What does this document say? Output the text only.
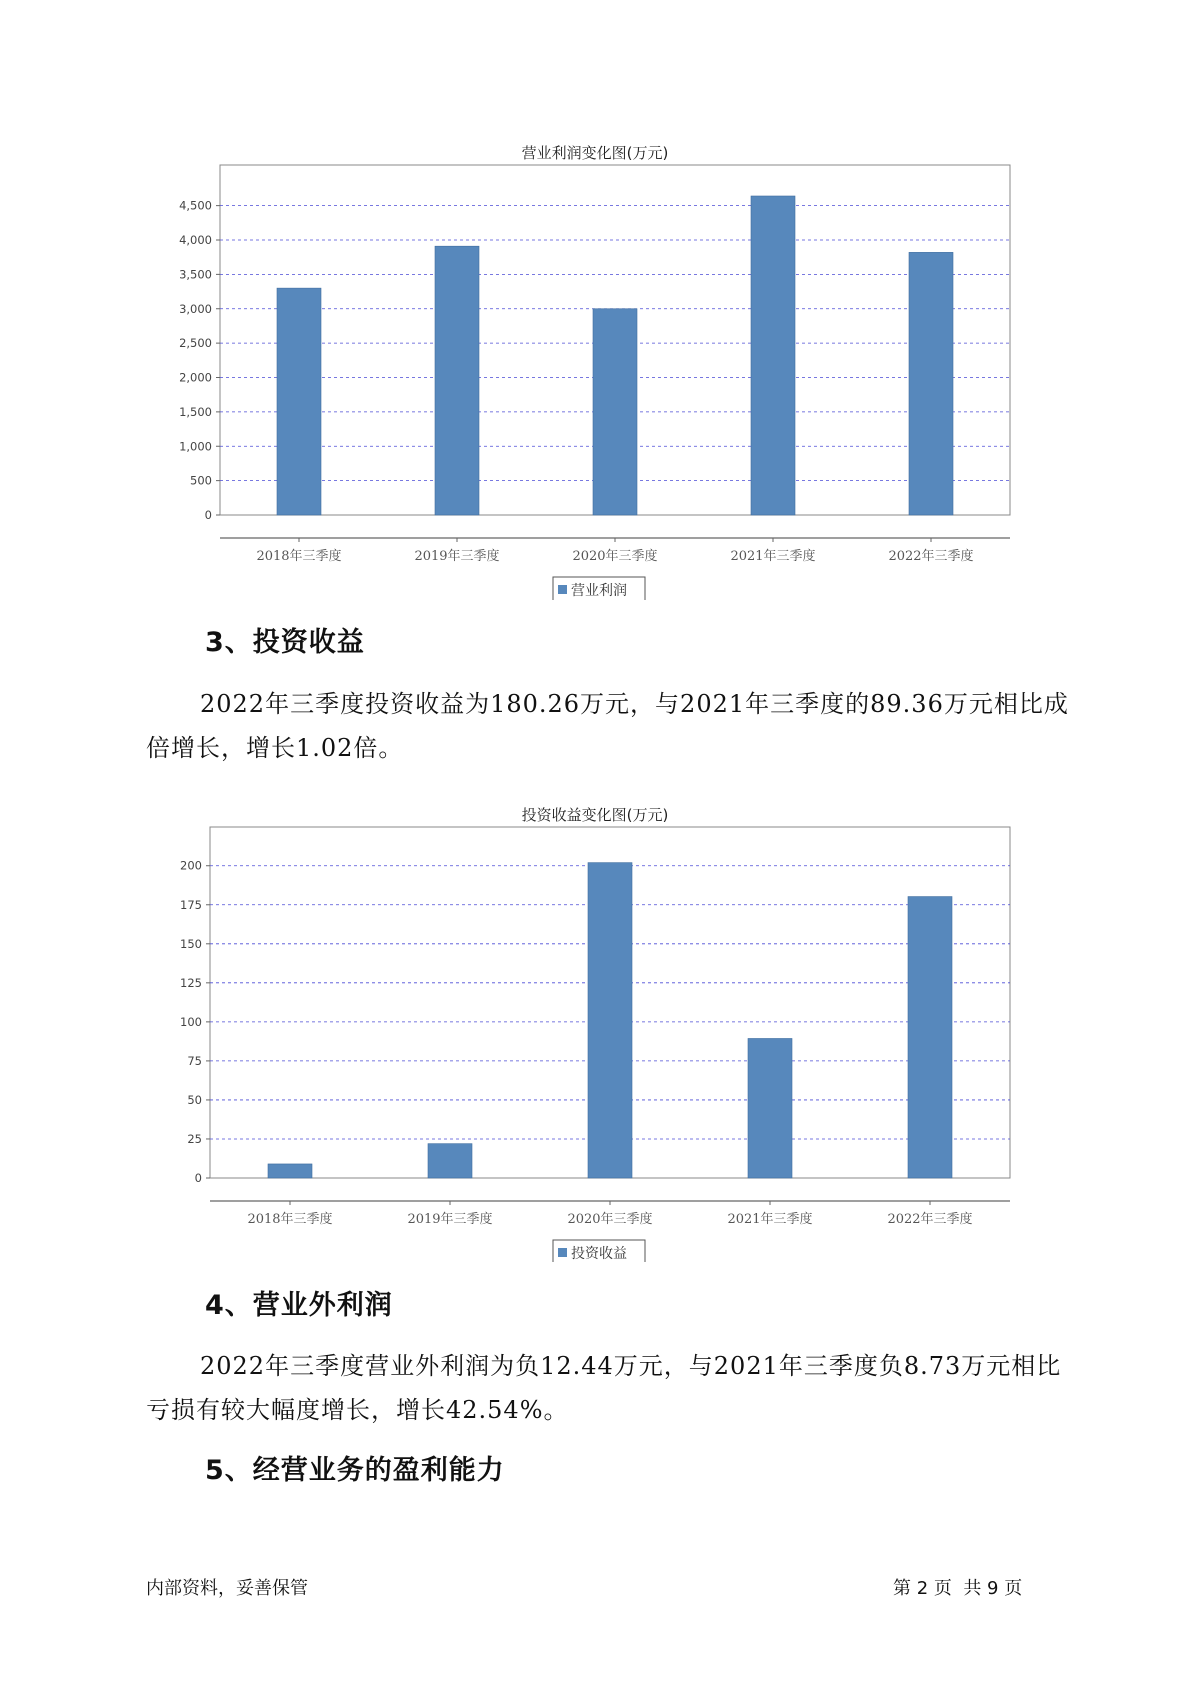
营业利润变化图(万元)
0
500
1,000
1,500
2,000
2,500
3,000
3,500
4,000
4,500
2018年三季度	2019年三季度	2020年三季度	2021年三季度	2022年三季度
营业利润
3、投资收益

2022年三季度投资收益为180.26万元，与2021年三季度的89.36万元相比成倍增长，增长1.02倍。

投资收益变化图(万元)
0
25
50
75
100
125
150
175
200
2018年三季度	2019年三季度	2020年三季度	2021年三季度	2022年三季度
投资收益
4、营业外利润

2022年三季度营业外利润为负12.44万元，与2021年三季度负8.73万元相比亏损有较大幅度增长，增长42.54%。

5、经营业务的盈利能力
内部资料，妥善保管	第 2 页  共 9 页
